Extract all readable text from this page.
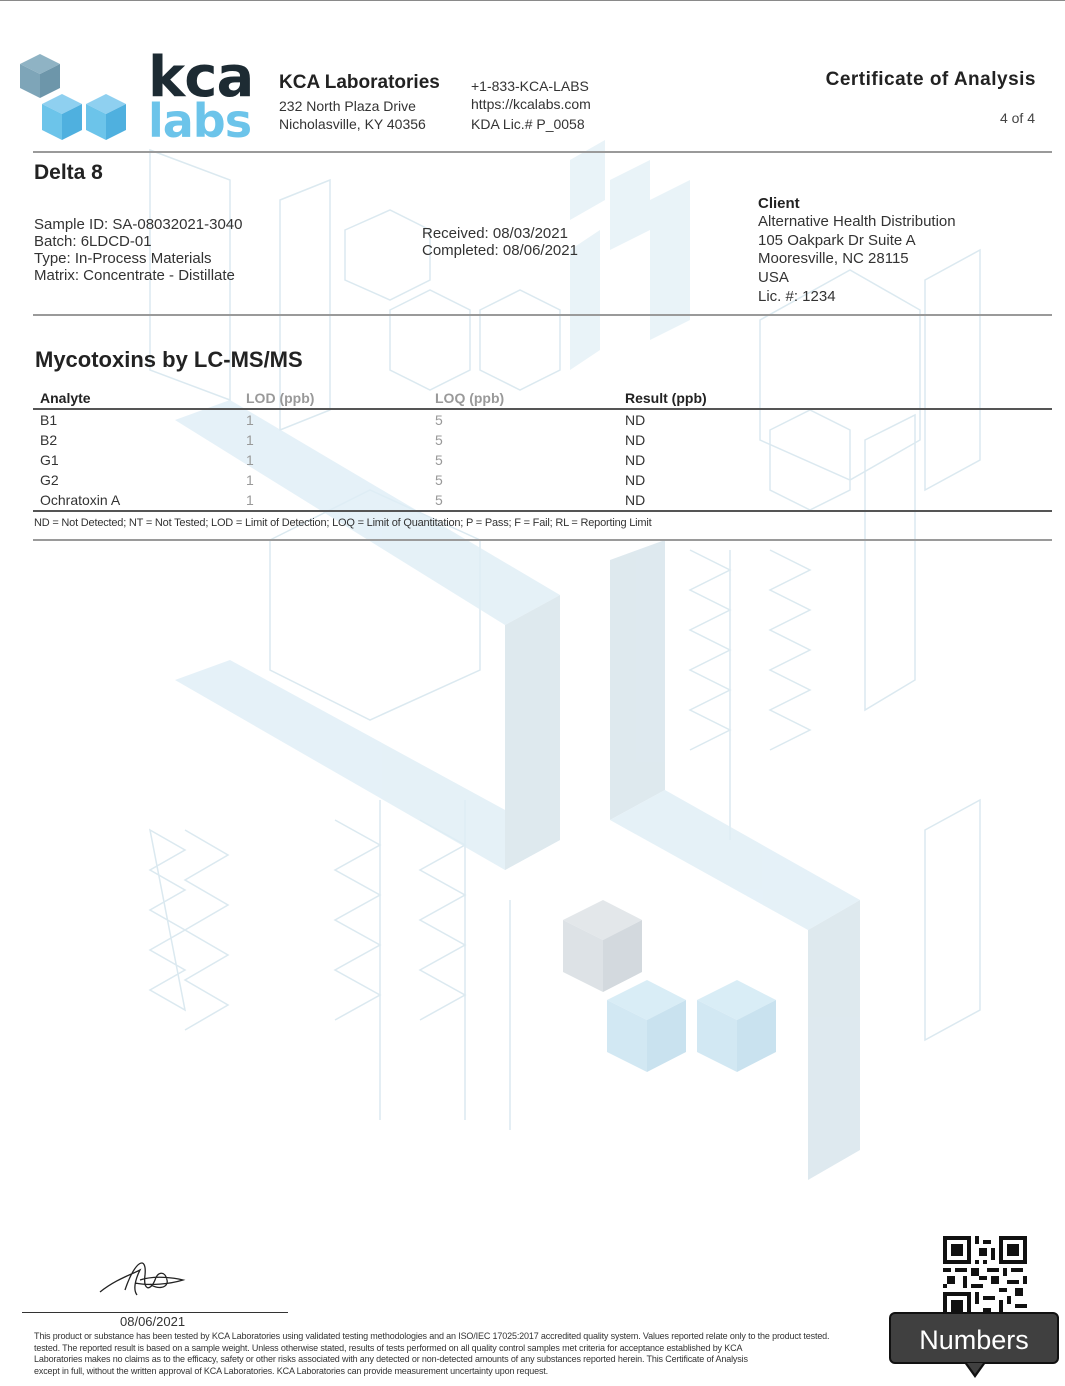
kca
labs
KCA Laboratories
232 North Plaza Drive
Nicholasville, KY 40356
+1-833-KCA-LABS
https://kcalabs.com
KDA Lic.# P_0058
Certificate of Analysis
4 of 4
Delta 8
Sample ID: SA-08032021-3040
Batch: 6LDCD-01
Type: In-Process Materials
Matrix: Concentrate - Distillate
Received: 08/03/2021
Completed: 08/06/2021
Client
Alternative Health Distribution
105 Oakpark Dr Suite A
Mooresville, NC 28115
USA
Lic. #: 1234
Mycotoxins by LC-MS/MS
Analyte	LOD (ppb)	LOQ (ppb)	Result (ppb)
B1	1	5	ND
B2	1	5	ND
G1	1	5	ND
G2	1	5	ND
Ochratoxin A	1	5	ND
ND = Not Detected; NT = Not Tested; LOD = Limit of Detection; LOQ = Limit of Quantitation; P = Pass; F = Fail; RL = Reporting Limit
08/06/2021
This product or substance has been tested by KCA Laboratories using validated testing methodologies and an ISO/IEC 17025:2017 accredited quality system. Values reported relate only to the product tested.
tested. The reported result is based on a sample weight. Unless otherwise stated, results of tests performed on all quality control samples met criteria for acceptance established by KCA
Laboratories makes no claims as to the efficacy, safety or other risks associated with any detected or non-detected amounts of any substances reported herein. This Certificate of Analysis
except in full, without the written approval of KCA Laboratories. KCA Laboratories can provide measurement uncertainty upon request.
Numbers
